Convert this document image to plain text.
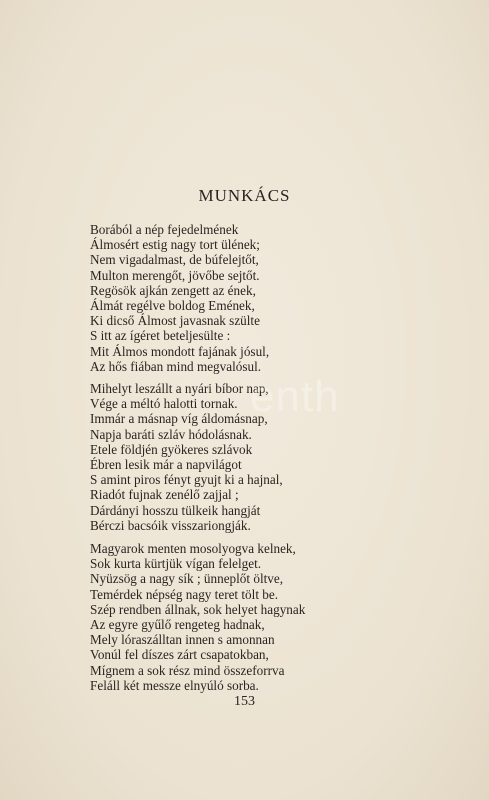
MUNKÁCS
Borából a nép fejedelmének
Álmosért estig nagy tort ülének;
Nem vigadalmast, de búfelejtőt,
Multon merengőt, jövőbe sejtőt.
Regösök ajkán zengett az ének,
Álmát regélve boldog Emének,
Ki dicső Álmost javasnak szülte
S itt az ígéret beteljesülte :
Mit Álmos mondott fajának jósul,
Az hős fiában mind megvalósul.
Mihelyt leszállt a nyári bíbor nap,
Vége a méltó halotti tornak.
Immár a másnap víg áldomásnap,
Napja baráti szláv hódolásnak.
Etele földjén gyökeres szlávok
Ébren lesik már a napvilágot
S amint piros fényt gyujt ki a hajnal,
Riadót fujnak zenélő zajjal ;
Dárdányi hosszu tülkeik hangját
Bérczi bacsóik visszariongják.
Magyarok menten mosolyogva kelnek,
Sok kurta kürtjük vígan felelget.
Nyüzsög a nagy sík ; ünneplőt öltve,
Temérdek népség nagy teret tölt be.
Szép rendben állnak, sok helyet hagynak
Az egyre gyűlő rengeteg hadnak,
Mely lóraszálltan innen s amonnan
Vonúl fel díszes zárt csapatokban,
Mígnem a sok rész mind összeforrva
Feláll két messze elnyúló sorba.
153
enth
